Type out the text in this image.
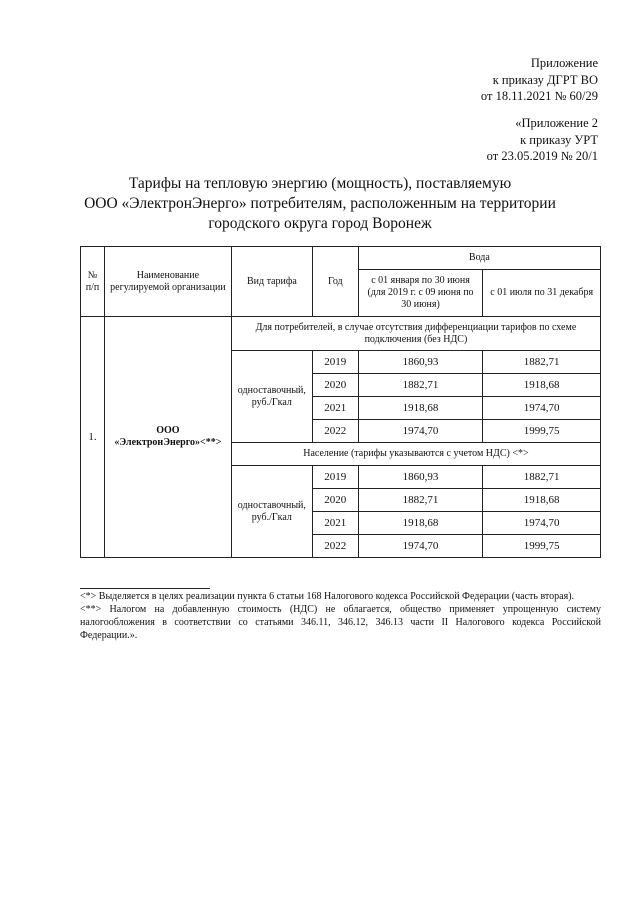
Приложение
к приказу ДГРТ ВО
от 18.11.2021 № 60/29
«Приложение 2
к приказу УРТ
от 23.05.2019 № 20/1
Тарифы на тепловую энергию (мощность), поставляемую
ООО «ЭлектронЭнерго» потребителям, расположенным на территории
городского округа город Воронеж
№ п/п	Наименование регулируемой организации	Вид тарифа	Год	Вода	
				с 01 января по 30 июня (для 2019 г. с 09 июня по 30 июня)	с 01 июля по 31 декабря
1.	ООО «ЭлектронЭнерго»<**>	Для потребителей, в случае отсутствия дифференциации тарифов по схеме подключения (без НДС)			
		одноставочный, руб./Гкал	2019	1860,93	1882,71
			2020	1882,71	1918,68
			2021	1918,68	1974,70
			2022	1974,70	1999,75
		Население (тарифы указываются с учетом НДС) <*>			
		одноставочный, руб./Гкал	2019	1860,93	1882,71
			2020	1882,71	1918,68
			2021	1918,68	1974,70
			2022	1974,70	1999,75

<*> Выделяется в целях реализации пункта 6 статьи 168 Налогового кодекса Российской Федерации (часть вторая).

<**> Налогом на добавленную стоимость (НДС) не облагается, общество применяет упрощенную систему налогообложения в соответствии со статьями 346.11, 346.12, 346.13 части II Налогового кодекса Российской Федерации.».
